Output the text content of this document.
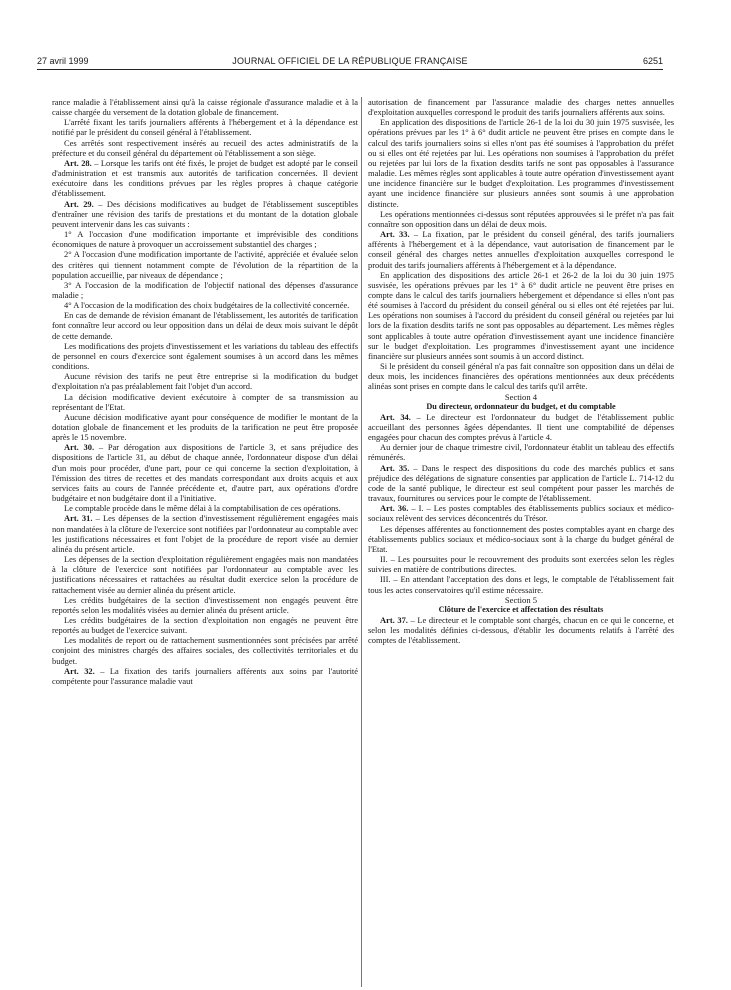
27 avril 1999	JOURNAL OFFICIEL DE LA RÉPUBLIQUE FRANÇAISE	6251

rance maladie à l'établissement ainsi qu'à la caisse régionale d'assurance maladie et à la caisse chargée du versement de la dotation globale de financement.

L'arrêté fixant les tarifs journaliers afférents à l'hébergement et à la dépendance est notifié par le président du conseil général à l'établissement.

Ces arrêtés sont respectivement insérés au recueil des actes administratifs de la préfecture et du conseil général du département où l'établissement a son siège.

Art. 28. – Lorsque les tarifs ont été fixés, le projet de budget est adopté par le conseil d'administration et est transmis aux autorités de tarification concernées. Il devient exécutoire dans les conditions prévues par les règles propres à chaque catégorie d'établissement.

Art. 29. – Des décisions modificatives au budget de l'établissement susceptibles d'entraîner une révision des tarifs de prestations et du montant de la dotation globale peuvent intervenir dans les cas suivants :

1° A l'occasion d'une modification importante et imprévisible des conditions économiques de nature à provoquer un accroissement substantiel des charges ;

2° A l'occasion d'une modification importante de l'activité, appréciée et évaluée selon des critères qui tiennent notamment compte de l'évolution de la répartition de la population accueillie, par niveaux de dépendance ;

3° A l'occasion de la modification de l'objectif national des dépenses d'assurance maladie ;

4° A l'occasion de la modification des choix budgétaires de la collectivité concernée.

En cas de demande de révision émanant de l'établissement, les autorités de tarification font connaître leur accord ou leur opposition dans un délai de deux mois suivant le dépôt de cette demande.

Les modifications des projets d'investissement et les variations du tableau des effectifs de personnel en cours d'exercice sont également soumises à un accord dans les mêmes conditions.

Aucune révision des tarifs ne peut être entreprise si la modification du budget d'exploitation n'a pas préalablement fait l'objet d'un accord.

La décision modificative devient exécutoire à compter de sa transmission au représentant de l'Etat.

Aucune décision modificative ayant pour conséquence de modifier le montant de la dotation globale de financement et les produits de la tarification ne peut être proposée après le 15 novembre.

Art. 30. – Par dérogation aux dispositions de l'article 3, et sans préjudice des dispositions de l'article 31, au début de chaque année, l'ordonnateur dispose d'un délai d'un mois pour procéder, d'une part, pour ce qui concerne la section d'exploitation, à l'émission des titres de recettes et des mandats correspondant aux droits acquis et aux services faits au cours de l'année précédente et, d'autre part, aux opérations d'ordre budgétaire et non budgétaire dont il a l'initiative.

Le comptable procède dans le même délai à la comptabilisation de ces opérations.

Art. 31. – Les dépenses de la section d'investissement régulièrement engagées mais non mandatées à la clôture de l'exercice sont notifiées par l'ordonnateur au comptable avec les justifications nécessaires et font l'objet de la procédure de report visée au dernier alinéa du présent article.

Les dépenses de la section d'exploitation régulièrement engagées mais non mandatées à la clôture de l'exercice sont notifiées par l'ordonnateur au comptable avec les justifications nécessaires et rattachées au résultat dudit exercice selon la procédure de rattachement visée au dernier alinéa du présent article.

Les crédits budgétaires de la section d'investissement non engagés peuvent être reportés selon les modalités visées au dernier alinéa du présent article.

Les crédits budgétaires de la section d'exploitation non engagés ne peuvent être reportés au budget de l'exercice suivant.

Les modalités de report ou de rattachement susmentionnées sont précisées par arrêté conjoint des ministres chargés des affaires sociales, des collectivités territoriales et du budget.

Art. 32. – La fixation des tarifs journaliers afférents aux soins par l'autorité compétente pour l'assurance maladie vaut

autorisation de financement par l'assurance maladie des charges nettes annuelles d'exploitation auxquelles correspond le produit des tarifs journaliers afférents aux soins.

En application des dispositions de l'article 26-1 de la loi du 30 juin 1975 susvisée, les opérations prévues par les 1° à 6° dudit article ne peuvent être prises en compte dans le calcul des tarifs journaliers soins si elles n'ont pas été soumises à l'approbation du préfet ou si elles ont été rejetées par lui. Les opérations non soumises à l'approbation du préfet ou rejetées par lui lors de la fixation desdits tarifs ne sont pas opposables à l'assurance maladie. Les mêmes règles sont applicables à toute autre opération d'investissement ayant une incidence financière sur le budget d'exploitation. Les programmes d'investissement ayant une incidence financière sur plusieurs années sont soumis à une approbation distincte.

Les opérations mentionnées ci-dessus sont réputées approuvées si le préfet n'a pas fait connaître son opposition dans un délai de deux mois.

Art. 33. – La fixation, par le président du conseil général, des tarifs journaliers afférents à l'hébergement et à la dépendance, vaut autorisation de financement par le conseil général des charges nettes annuelles d'exploitation auxquelles correspond le produit des tarifs journaliers afférents à l'hébergement et à la dépendance.

En application des dispositions des article 26-1 et 26-2 de la loi du 30 juin 1975 susvisée, les opérations prévues par les 1° à 6° dudit article ne peuvent être prises en compte dans le calcul des tarifs journaliers hébergement et dépendance si elles n'ont pas été soumises à l'accord du président du conseil général ou si elles ont été rejetées par lui. Les opérations non soumises à l'accord du président du conseil général ou rejetées par lui lors de la fixation desdits tarifs ne sont pas opposables au département. Les mêmes règles sont applicables à toute autre opération d'investissement ayant une incidence financière sur le budget d'exploitation. Les programmes d'investissement ayant une incidence financière sur plusieurs années sont soumis à un accord distinct.

Si le président du conseil général n'a pas fait connaître son opposition dans un délai de deux mois, les incidences financières des opérations mentionnées aux deux précédents alinéas sont prises en compte dans le calcul des tarifs qu'il arrête.

Section 4

Du directeur, ordonnateur du budget, et du comptable

Art. 34. – Le directeur est l'ordonnateur du budget de l'établissement public accueillant des personnes âgées dépendantes. Il tient une comptabilité de dépenses engagées pour chacun des comptes prévus à l'article 4.

Au dernier jour de chaque trimestre civil, l'ordonnateur établit un tableau des effectifs rémunérés.

Art. 35. – Dans le respect des dispositions du code des marchés publics et sans préjudice des délégations de signature consenties par application de l'article L. 714-12 du code de la santé publique, le directeur est seul compétent pour passer les marchés de travaux, fournitures ou services pour le compte de l'établissement.

Art. 36. – I. – Les postes comptables des établissements publics sociaux et médico-sociaux relèvent des services déconcentrés du Trésor.

Les dépenses afférentes au fonctionnement des postes comptables ayant en charge des établissements publics sociaux et médico-sociaux sont à la charge du budget général de l'Etat.

II. – Les poursuites pour le recouvrement des produits sont exercées selon les règles suivies en matière de contributions directes.

III. – En attendant l'acceptation des dons et legs, le comptable de l'établissement fait tous les actes conservatoires qu'il estime nécessaire.

Section 5

Clôture de l'exercice et affectation des résultats

Art. 37. – Le directeur et le comptable sont chargés, chacun en ce qui le concerne, et selon les modalités définies ci-dessous, d'établir les documents relatifs à l'arrêté des comptes de l'établissement.
